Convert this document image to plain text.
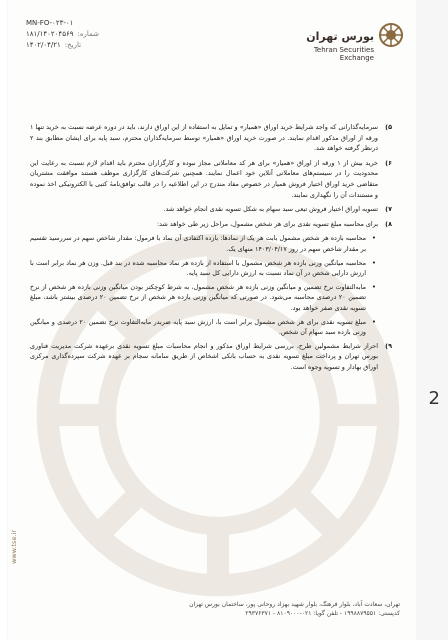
بورس تهران
Tehran Securities Exchange
MN-FO-۰۲۳-۰۱
۱۸۱/۱۴۰۲۰۴۵۶۹ شماره:
۱۴۰۲/۰۴/۲۱ تاریخ:
۵)
سرمایه‌گذارانی که واجد شرایط خرید اوراق «همیار» و تمایل به استفاده از این اوراق دارند، باید در دوره عرضه نسبت به خرید تنها ۱ ورقه از اوراق مذکور اقدام نمایند. در صورت خرید اوراق «همیار» توسط سرمایه‌گذاران محترم، سبد پایه برای ایشان مطابق بند ۲ درنظر گرفته خواهد شد.
۶)
خرید بیش از ۱ ورقه از اوراق «همیار» برای هر کد معاملاتی مجاز نبوده و کارگزاران محترم باید اقدام لازم نسبت به رعایت این محدودیت را در سیستم‌های معاملاتی آنلاین خود اعمال نمایند. همچنین شرکت‌های کارگزاری موظف هستند موافقت مشتریان متقاضی خرید اوراق اختیار فروش همیار در خصوص مفاد مندرج در این اطلاعیه را در قالب توافق‌نامهٔ کتبی یا الکترونیکی اخذ نموده و مستندات آن را نگهداری نمایند.
۷)
تسویه اوراق اختیار فروش تبعی سبد سهام به شکل تسویه نقدی انجام خواهد شد.
۸)
برای محاسبه مبلغ تسویه نقدی برای هر شخص مشمول، مراحل زیر طی خواهد شد:
•
محاسبه بازده هر شخص مشمول بابت هر یک از نمادها: بازده اکتفادی آن نماد با فرمول: مقدار شاخص سهم در سررسید تقسیم بر مقدار شاخص سهم در روز ۱۴۰۳/۰۴/۱۷ منهای یک.
•
محاسبه میانگین وزنی بازده هر شخص مشمول با استفاده از بازده هر نماد محاسبه شده در بند قبل. وزن هر نماد برابر است با ارزش دارایی شخص در آن نماد نسبت به ارزش دارایی کل سبد پایه.
•
مابه‌التفاوت نرخ تضمین و میانگین وزنی بازده هر شخص مشمول، به شرط کوچکتر بودن میانگین وزنی بازده هر شخص از نرخ تضمین ۲۰ درصدی محاسبه می‌شود. در صورتی که میانگین وزنی بازده هر شخص از نرخ تضمین ۲۰ درصدی بیشتر باشد، مبلغ تسویه نقدی صفر خواهد بود.
•
مبلغ تسویه نقدی برای هر شخص مشمول برابر است با، ارزش سبد پایه ضربدر مابه‌التفاوت نرخ تضمین ۲۰ درصدی و میانگین وزنی بازده سبد سهام آن شخص.
۹)
احراز شرایط مشمولین طرح، بررسی شرایط اوراق مذکور و انجام محاسبات مبلغ تسویه نقدی برعهده شرکت مدیریت فناوری بورس تهران و پرداخت مبلغ تسویه نقدی به حساب بانکی اشخاص از طریق سامانه سجام بر عهده شرکت سپرده‌گذاری مرکزی اوراق بهادار و تسویه وجوه است.
www.tse.ir
تهران، سعادت آباد، بلوار فرهنگ، بلوار شهید بهزاد روحانی پور، ساختمان بورس تهران
کدپستی: ۱۹۹۸۸۷۹۵۵۱ - تلفن گویا: ۰۲۱-۸۱۰۹۰۰۰ - ۲۹۳۷۶۳۷۱
2
